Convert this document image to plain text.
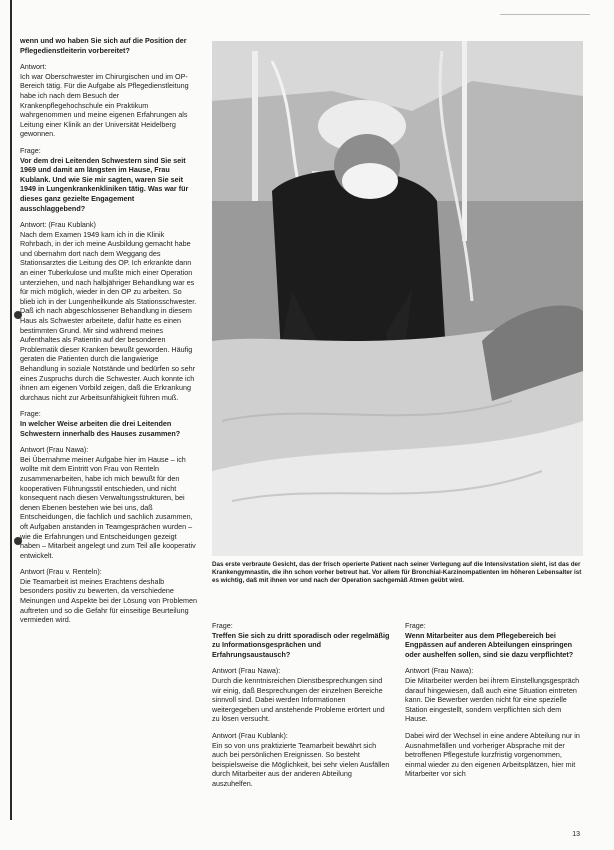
wenn und wo haben Sie sich auf die Position der Pflegedienstleiterin vorbereitet?

Antwort:
Ich war Oberschwester im Chirurgischen und im OP-Bereich tätig. Für die Aufgabe als Pflegedienstleitung habe ich nach dem Besuch der Krankenpflegehochschule ein Praktikum wahrgenommen und meine eigenen Erfahrungen als Leitung einer Klinik an der Universität Heidelberg gewonnen.

Frage:
Vor dem drei Leitenden Schwestern sind Sie seit 1969 und damit am längsten im Hause, Frau Kublank. Und wie Sie mir sagten, waren Sie seit 1949 in Lungenkrankenkliniken tätig. Was war für dieses ganz gezielte Engagement ausschlaggebend?

Antwort: (Frau Kublank)
Nach dem Examen 1949 kam ich in die Klinik Rohrbach, in der ich meine Ausbildung gemacht habe und übernahm dort nach dem Weggang des Stationsarztes die Leitung des OP. Ich erkrankte dann an einer Tuberkulose und mußte mich einer Operation unterziehen, und nach halbjähriger Behandlung war es für mich möglich, wieder in den OP zu arbeiten. So blieb ich in der Lungenheilkunde als Stationsschwester. Daß ich nach abgeschlossener Behandlung in diesem Haus als Schwester arbeitete, dafür hatte es einen bestimmten Grund. Mir sind während meines Aufenthaltes als Patientin auf der besonderen Problematik dieser Kranken bewußt geworden. Häufig geraten die Patienten durch die langwierige Behandlung in soziale Notstände und bedürfen so sehr eines Zuspruchs durch die Schwester. Auch konnte ich ihnen am eigenen Vorbild zeigen, daß die Erkrankung durchaus nicht zur Arbeitsunfähigkeit führen muß.

Frage:
In welcher Weise arbeiten die drei Leitenden Schwestern innerhalb des Hauses zusammen?

Antwort (Frau Nawa):
Bei Übernahme meiner Aufgabe hier im Hause – ich wollte mit dem Eintritt von Frau von Renteln zusammenarbeiten, habe ich mich bewußt für den kooperativen Führungsstil entschieden, und nicht konsequent nach diesen Verwaltungsstrukturen, bei denen Ebenen bestehen wie bei uns, daß Entscheidungen, die fachlich und sachlich zusammen, oft Aufgaben anstanden in Teamgesprächen wurden – wie die Erfahrungen und Entscheidungen gezeigt haben – Mitarbeit angelegt und zum Teil alle kooperativ entwickelt.

Antwort (Frau v. Renteln):
Die Teamarbeit ist meines Erachtens deshalb besonders positiv zu bewerten, da verschiedene Meinungen und Aspekte bei der Lösung von Problemen auftreten und so die Gefahr für einseitige Beurteilung vermieden wird.

Das erste verbraute Gesicht, das der frisch operierte Patient nach seiner Verlegung auf die Intensivstation sieht, ist das der Krankengymnastin, die ihn schon vorher betreut hat. Vor allem für Bronchial-Karzinompatienten im höheren Lebensalter ist es wichtig, daß mit ihnen vor und nach der Operation sachgemäß Atmen geübt wird.

Frage:
Treffen Sie sich zu dritt sporadisch oder regelmäßig zu Informationsgesprächen und Erfahrungsaustausch?

Antwort (Frau Nawa):
Durch die kenntnisreichen Dienstbesprechungen sind wir einig, daß Besprechungen der einzelnen Bereiche sinnvoll sind. Dabei werden Informationen weitergegeben und anstehende Probleme erörtert und zu lösen versucht.

Antwort (Frau Kublank):
Ein so von uns praktizierte Teamarbeit bewährt sich auch bei persönlichen Ereignissen. So besteht beispielsweise die Möglichkeit, bei sehr vielen Ausfällen durch Mitarbeiter aus der anderen Abteilung auszuhelfen.

Frage:
Wenn Mitarbeiter aus dem Pflegebereich bei Engpässen auf anderen Abteilungen einspringen oder aushelfen sollen, sind sie dazu verpflichtet?

Antwort (Frau Nawa):
Die Mitarbeiter werden bei ihrem Einstellungsgespräch darauf hingewiesen, daß auch eine Situation eintreten kann. Die Bewerber werden nicht für eine spezielle Station eingestellt, sondern verpflichten sich dem Hause.

Dabei wird der Wechsel in eine andere Abteilung nur in Ausnahmefällen und vorheriger Absprache mit der betroffenen Pflegestufe kurzfristig vorgenommen, einmal wieder zu den eigenen Arbeitsplätzen, hier mit Mitarbeiter vor sich

13
